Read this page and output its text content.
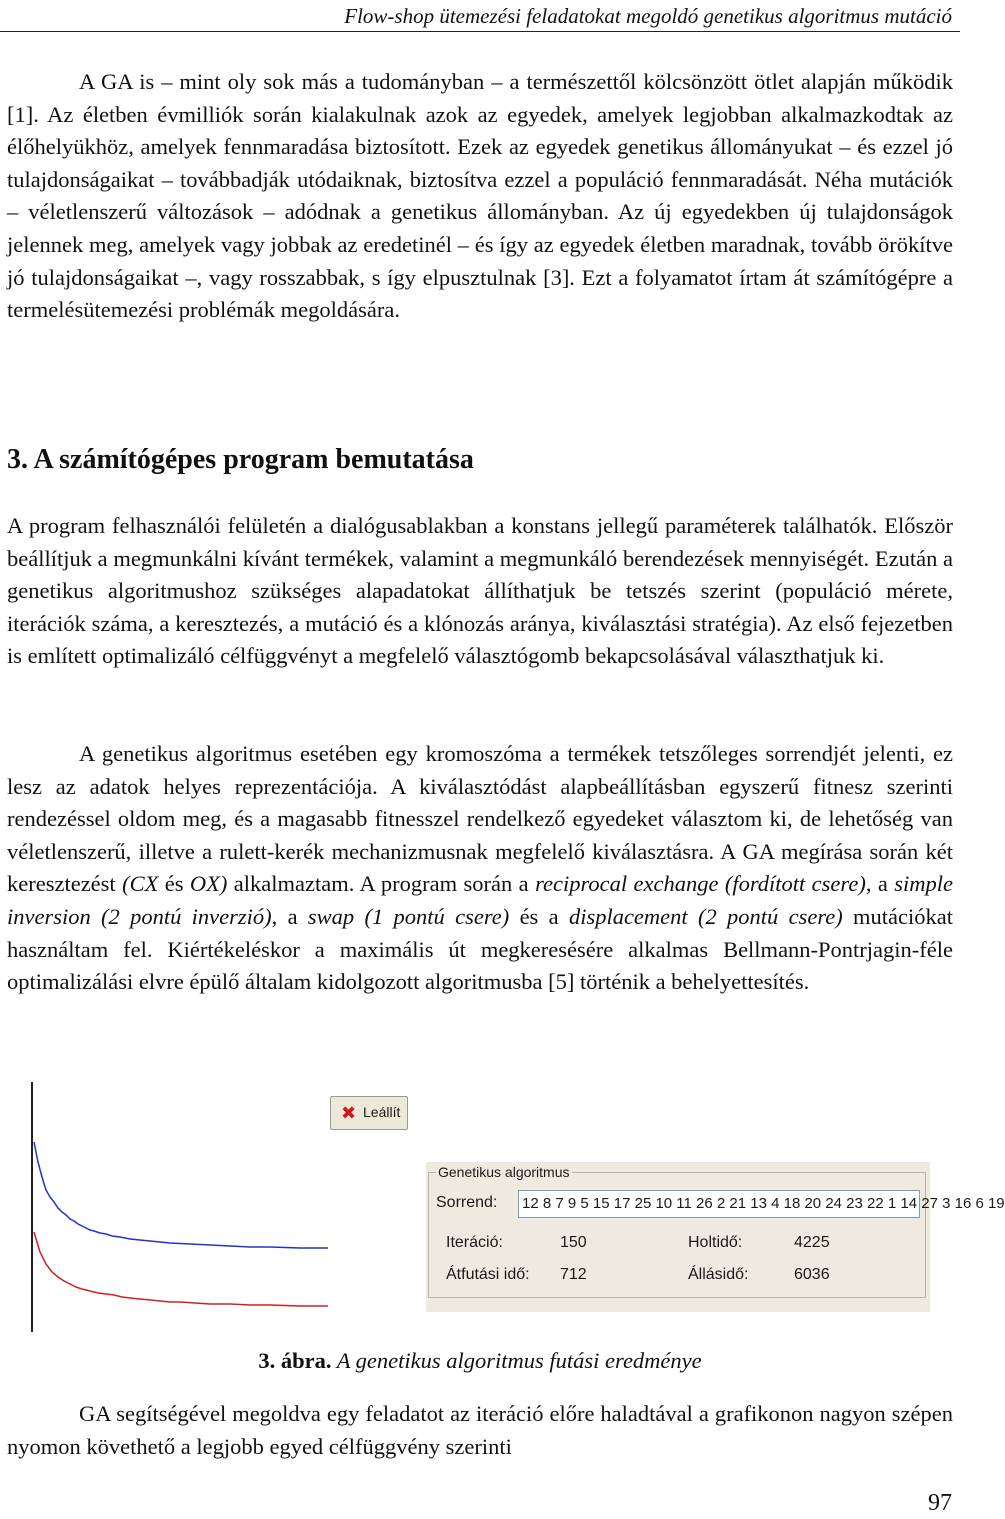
Flow-shop ütemezési feladatokat megoldó genetikus algoritmus mutáció

A GA is – mint oly sok más a tudományban – a természettől kölcsönzött ötlet alapján működik [1]. Az életben évmilliók során kialakulnak azok az egyedek, amelyek legjobban alkalmazkodtak az élőhelyükhöz, amelyek fennmaradása biztosított. Ezek az egyedek genetikus állományukat – és ezzel jó tulajdonságaikat – továbbadják utódaiknak, biztosítva ezzel a populáció fennmaradását. Néha mutációk – véletlenszerű változások – adódnak a genetikus állományban. Az új egyedekben új tulajdonságok jelennek meg, amelyek vagy jobbak az eredetinél – és így az egyedek életben maradnak, tovább örökítve jó tulajdonságaikat –, vagy rosszabbak, s így elpusztulnak [3]. Ezt a folyamatot írtam át számítógépre a termelésütemezési problémák megoldására.

3. A számítógépes program bemutatása

A program felhasználói felületén a dialógusablakban a konstans jellegű paraméterek találhatók. Először beállítjuk a megmunkálni kívánt termékek, valamint a megmunkáló berendezések mennyiségét. Ezután a genetikus algoritmushoz szükséges alapadatokat állíthatjuk be tetszés szerint (populáció mérete, iterációk száma, a keresztezés, a mutáció és a klónozás aránya, kiválasztási stratégia). Az első fejezetben is említett optimalizáló célfüggvényt a megfelelő választógomb bekapcsolásával választhatjuk ki.

A genetikus algoritmus esetében egy kromoszóma a termékek tetszőleges sorrendjét jelenti, ez lesz az adatok helyes reprezentációja. A kiválasztódást alapbeállításban egyszerű fitnesz szerinti rendezéssel oldom meg, és a magasabb fitnesszel rendelkező egyedeket választom ki, de lehetőség van véletlenszerű, illetve a rulett-kerék mechanizmusnak megfelelő kiválasztásra. A GA megírása során két keresztezést (CX és OX) alkalmaztam. A program során a reciprocal exchange (fordított csere), a simple inversion (2 pontú inverzió), a swap (1 pontú csere) és a displacement (2 pontú csere) mutációkat használtam fel. Kiértékeléskor a maximális út megkeresésére alkalmas Bellmann-Pontrjagin-féle optimalizálási elvre épülő általam kidolgozott algoritmusba [5] történik a behelyettesítés.

✖ Leállít
Genetikus algoritmus
Sorrend: 12 8 7 9 5 15 17 25 10 11 26 2 21 13 4 18 20 24 23 22 1 14 27 3 16 6 19
Iteráció:	150	Holtidő:	4225
Átfutási idő: 712	Állásidő:	6036
3. ábra. A genetikus algoritmus futási eredménye

GA segítségével megoldva egy feladatot az iteráció előre haladtával a grafikonon nagyon szépen nyomon követhető a legjobb egyed célfüggvény szerinti

97
